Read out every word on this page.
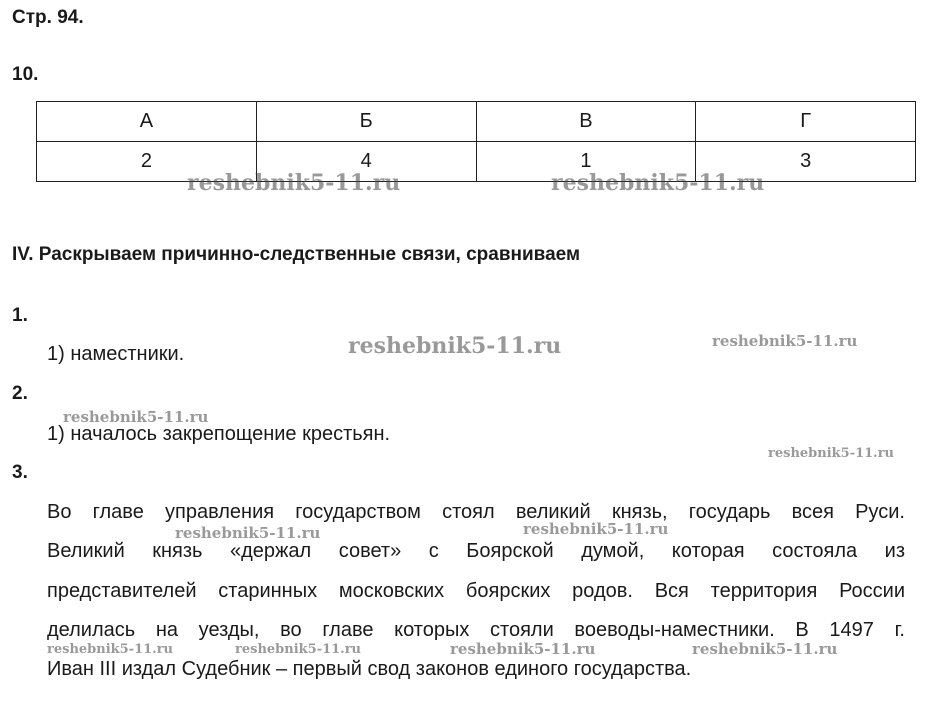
Стр. 94.
10.
А	Б	В	Г
2	4	1	3
IV. Раскрываем причинно-следственные связи, сравниваем
1.
1) наместники.
2.
1) началось закрепощение крестьян.
3.
Во главе управления государством стоял великий князь, государь всея Руси.
Великий князь «держал совет» с Боярской думой, которая состояла из
представителей старинных московских боярских родов. Вся территория России
делилась на уезды, во главе которых стояли воеводы-наместники. В 1497 г.
Иван III издал Судебник – первый свод законов единого государства.
reshebnik5-11.ru	reshebnik5-11.ru
reshebnik5-11.ru	reshebnik5-11.ru
reshebnik5-11.ru
reshebnik5-11.ru
reshebnik5-11.ru	reshebnik5-11.ru
reshebnik5-11.ru	reshebnik5-11.ru	reshebnik5-11.ru	reshebnik5-11.ru
